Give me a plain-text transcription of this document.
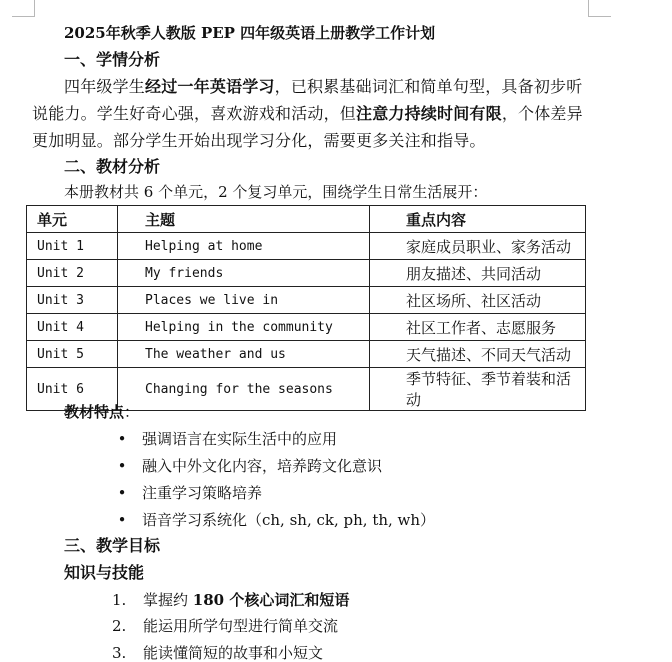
2025年秋季人教版 PEP 四年级英语上册教学工作计划
一、学情分析
四年级学生经过一年英语学习，已积累基础词汇和简单句型，具备初步听说能力。学生好奇心强，喜欢游戏和活动，但注意力持续时间有限，个体差异更加明显。部分学生开始出现学习分化，需要更多关注和指导。
二、教材分析
本册教材共 6 个单元，2 个复习单元，围绕学生日常生活展开：
单元	主题	重点内容
Unit 1	Helping at home	家庭成员职业、家务活动
Unit 2	My friends	朋友描述、共同活动
Unit 3	Places we live in	社区场所、社区活动
Unit 4	Helping in the community	社区工作者、志愿服务
Unit 5	The weather and us	天气描述、不同天气活动
Unit 6	Changing for the seasons	季节特征、季节着装和活动
教材特点：
•	强调语言在实际生活中的应用
•	融入中外文化内容，培养跨文化意识
•	注重学习策略培养
•	语音学习系统化（ch, sh, ck, ph, th, wh）
三、教学目标
知识与技能
1. 掌握约 180 个核心词汇和短语
2. 能运用所学句型进行简单交流
3. 能读懂简短的故事和小短文
